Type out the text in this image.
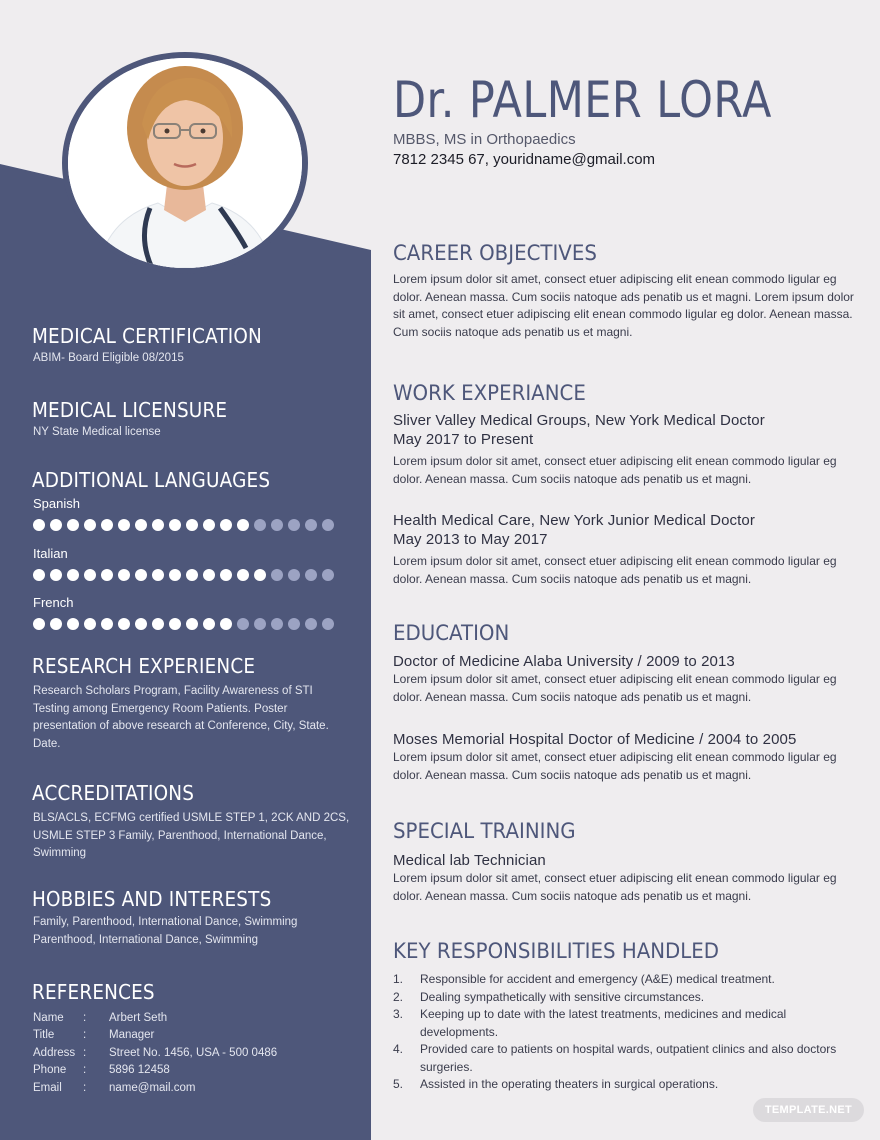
MEDICAL CERTIFICATION

ABIM- Board Eligible 08/2015

MEDICAL LICENSURE

NY State Medical license

ADDITIONAL LANGUAGES
Spanish
Italian
French
RESEARCH EXPERIENCE

Research Scholars Program, Facility Awareness of STI Testing among Emergency Room Patients. Poster presentation of above research at Conference, City, State. Date.

ACCREDITATIONS

BLS/ACLS, ECFMG certified USMLE STEP 1, 2CK AND 2CS, USMLE STEP 3 Family, Parenthood, International Dance, Swimming

HOBBIES AND INTERESTS

Family, Parenthood, International Dance, Swimming Parenthood, International Dance, Swimming

REFERENCES
Name	:	Arbert Seth
Title	:	Manager
Address	:	Street No. 1456, USA - 500 0486
Phone	:	5896 12458
Email	:	name@mail.com
Dr. PALMER LORA
MBBS, MS in Orthopaedics
7812 2345 67, youridname@gmail.com
CAREER OBJECTIVES

Lorem ipsum dolor sit amet, consect etuer adipiscing elit enean commodo ligular eg dolor. Aenean massa. Cum sociis natoque ads penatib us et magni. Lorem ipsum dolor sit amet, consect etuer adipiscing elit enean commodo ligular eg dolor. Aenean massa. Cum sociis natoque ads penatib us et magni.

WORK EXPERIANCE
Sliver Valley Medical Groups, New York Medical Doctor
May 2017 to Present

Lorem ipsum dolor sit amet, consect etuer adipiscing elit enean commodo ligular eg dolor. Aenean massa. Cum sociis natoque ads penatib us et magni.

Health Medical Care, New York Junior Medical Doctor
May 2013 to May 2017

Lorem ipsum dolor sit amet, consect etuer adipiscing elit enean commodo ligular eg dolor. Aenean massa. Cum sociis natoque ads penatib us et magni.

EDUCATION
Doctor of Medicine Alaba University / 2009 to 2013

Lorem ipsum dolor sit amet, consect etuer adipiscing elit enean commodo ligular eg dolor. Aenean massa. Cum sociis natoque ads penatib us et magni.

Moses Memorial Hospital Doctor of Medicine / 2004 to 2005

Lorem ipsum dolor sit amet, consect etuer adipiscing elit enean commodo ligular eg dolor. Aenean massa. Cum sociis natoque ads penatib us et magni.

SPECIAL TRAINING
Medical lab Technician

Lorem ipsum dolor sit amet, consect etuer adipiscing elit enean commodo ligular eg dolor. Aenean massa. Cum sociis natoque ads penatib us et magni.

KEY RESPONSIBILITIES HANDLED
1.	Responsible for accident and emergency (A&E) medical treatment.
2.	Dealing sympathetically with sensitive circumstances.
3.	Keeping up to date with the latest treatments, medicines and medical developments.
4.	Provided care to patients on hospital wards, outpatient clinics and also doctors surgeries.
5.	Assisted in the operating theaters in surgical operations.
TEMPLATE.NET
